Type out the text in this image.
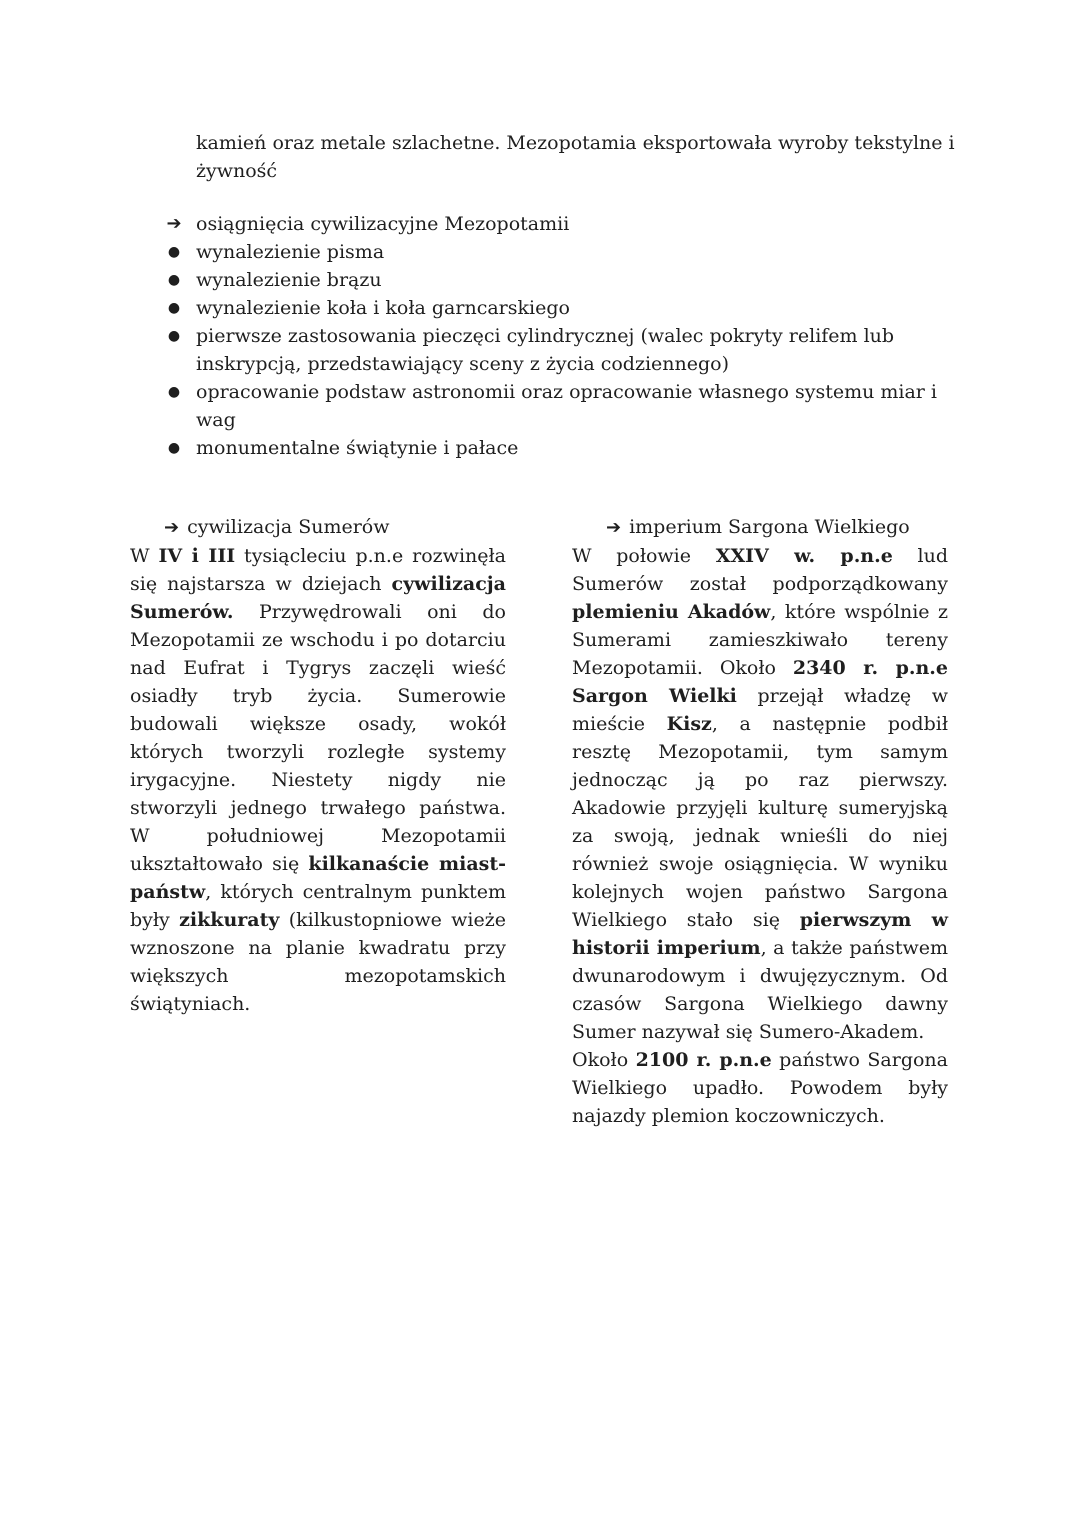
kamień oraz metale szlachetne. Mezopotamia eksportowała wyroby tekstylne i żywność

➔ osiągnięcia cywilizacyjne Mezopotamii
● wynalezienie pisma
● wynalezienie brązu
● wynalezienie koła i koła garncarskiego
● pierwsze zastosowania pieczęci cylindrycznej (walec pokryty relifem lub inskrypcją, przedstawiający sceny z życia codziennego)
● opracowanie podstaw astronomii oraz opracowanie własnego systemu miar i wag
● monumentalne świątynie i pałace
➔ cywilizacja Sumerów

W IV i III tysiącleciu p.n.e rozwinęła się najstarsza w dziejach cywilizacja Sumerów. Przywędrowali oni do Mezopotamii ze wschodu i po dotarciu nad Eufrat i Tygrys zaczęli wieść osiadły tryb życia. Sumerowie budowali większe osady, wokół których tworzyli rozległe systemy irygacyjne. Niestety nigdy nie stworzyli jednego trwałego państwa. W południowej Mezopotamii ukształtowało się kilkanaście miast-państw, których centralnym punktem były zikkuraty (kilkustopniowe wieże wznoszone na planie kwadratu przy większych mezopotamskich świątyniach.

➔ imperium Sargona Wielkiego

W połowie XXIV w. p.n.e lud Sumerów został podporządkowany plemieniu Akadów, które wspólnie z Sumerami zamieszkiwało tereny Mezopotamii. Około 2340 r. p.n.e Sargon Wielki przejął władzę w mieście Kisz, a następnie podbił resztę Mezopotamii, tym samym jednocząc ją po raz pierwszy. Akadowie przyjęli kulturę sumeryjską za swoją, jednak wnieśli do niej również swoje osiągnięcia. W wyniku kolejnych wojen państwo Sargona Wielkiego stało się pierwszym w historii imperium, a także państwem dwunarodowym i dwujęzycznym. Od czasów Sargona Wielkiego dawny Sumer nazywał się Sumero-Akadem.

Około 2100 r. p.n.e państwo Sargona Wielkiego upadło. Powodem były najazdy plemion koczowniczych.
